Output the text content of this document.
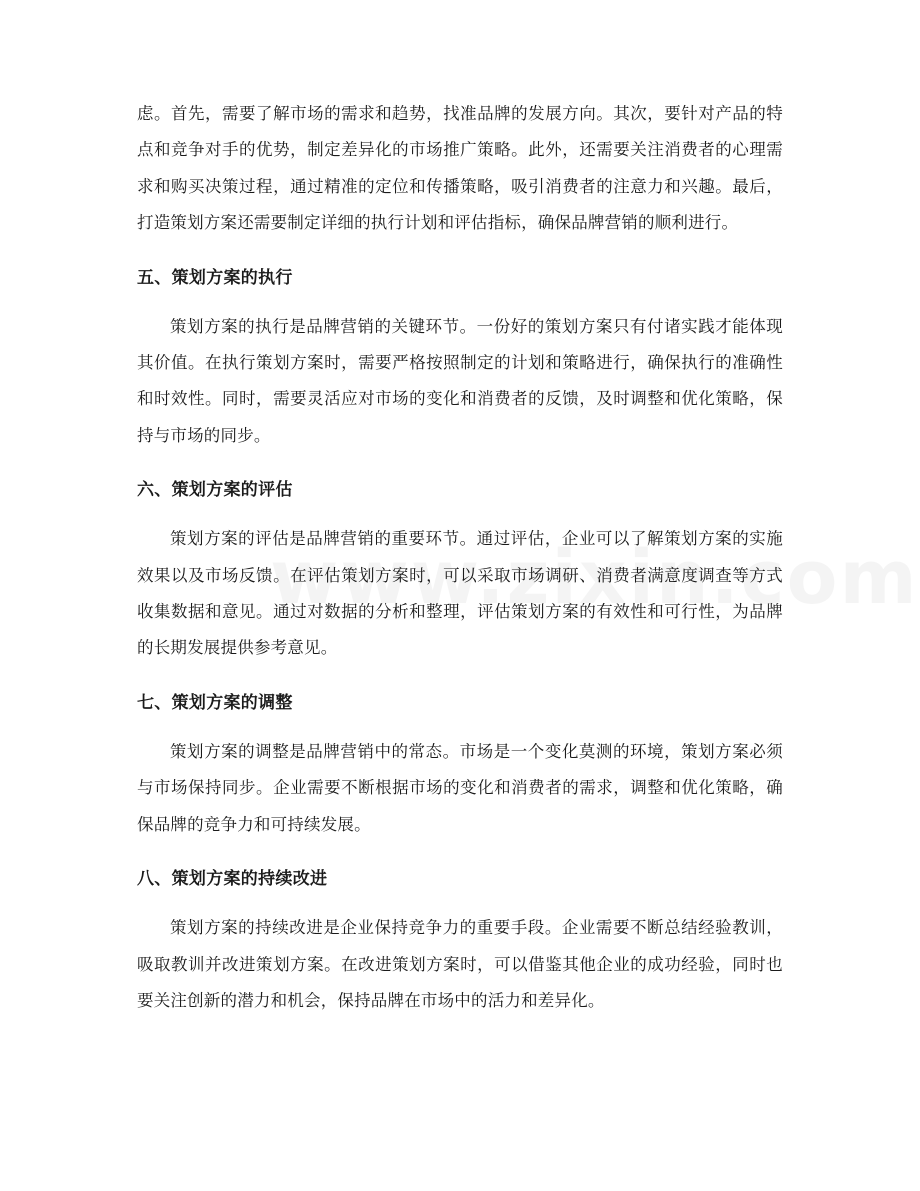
虑。首先，需要了解市场的需求和趋势，找准品牌的发展方向。其次，要针对产品的特点和竞争对手的优势，制定差异化的市场推广策略。此外，还需要关注消费者的心理需求和购买决策过程，通过精准的定位和传播策略，吸引消费者的注意力和兴趣。最后，打造策划方案还需要制定详细的执行计划和评估指标，确保品牌营销的顺利进行。

五、策划方案的执行

策划方案的执行是品牌营销的关键环节。一份好的策划方案只有付诸实践才能体现其价值。在执行策划方案时，需要严格按照制定的计划和策略进行，确保执行的准确性和时效性。同时，需要灵活应对市场的变化和消费者的反馈，及时调整和优化策略，保持与市场的同步。

六、策划方案的评估

策划方案的评估是品牌营销的重要环节。通过评估，企业可以了解策划方案的实施效果以及市场反馈。在评估策划方案时，可以采取市场调研、消费者满意度调查等方式收集数据和意见。通过对数据的分析和整理，评估策划方案的有效性和可行性，为品牌的长期发展提供参考意见。

七、策划方案的调整

策划方案的调整是品牌营销中的常态。市场是一个变化莫测的环境，策划方案必须与市场保持同步。企业需要不断根据市场的变化和消费者的需求，调整和优化策略，确保品牌的竞争力和可持续发展。

八、策划方案的持续改进

策划方案的持续改进是企业保持竞争力的重要手段。企业需要不断总结经验教训，吸取教训并改进策划方案。在改进策划方案时，可以借鉴其他企业的成功经验，同时也要关注创新的潜力和机会，保持品牌在市场中的活力和差异化。
